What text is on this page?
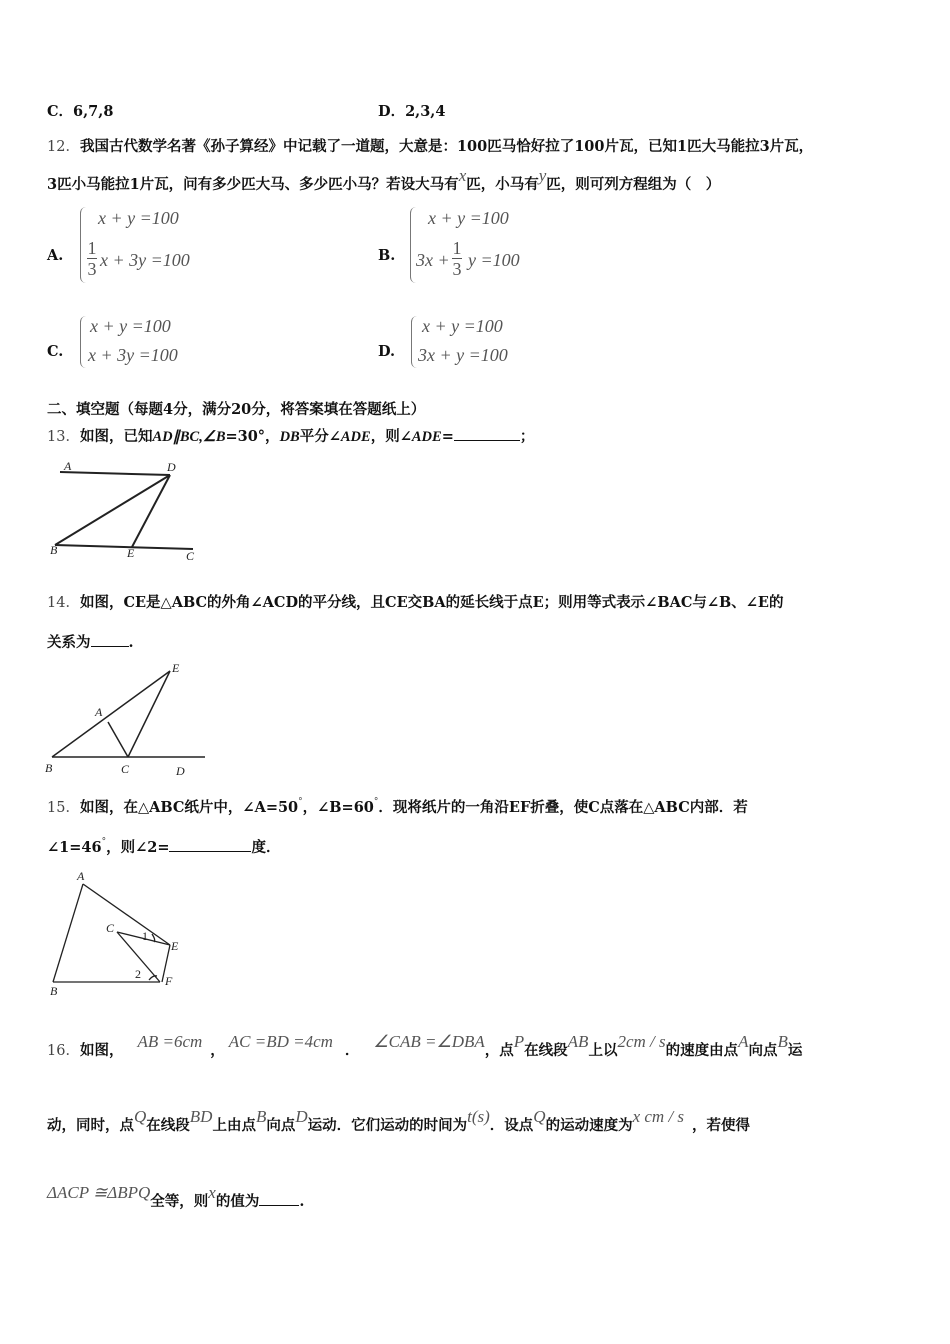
C．6,7,8	D．2,3,4
12．我国古代数学名著《孙子算经》中记载了一道题，大意是：100匹马恰好拉了100片瓦，已知1匹大马能拉3片瓦，
3匹小马能拉1片瓦，问有多少匹大马、多少匹小马？若设大马有x匹，小马有y匹，则可列方程组为（　）
A.
x + y =100
1
3 x + 3y =100	B.
x + y =100
3x +
1
3 y =100
C.
x + y =100
x + 3y =100	D.
x + y =100
3x + y =100
二、填空题（每题4分，满分20分，将答案填在答题纸上）
13．如图，已知AD∥BC,∠B=30°，DB平分∠ADE，则∠ADE=	；
A	D
B	E	C
E
A
B	C	D
A
B
C
E
F
1
2
14．如图，CE是△ABC的外角∠ACD的平分线，且CE交BA的延长线于点E；则用等式表示∠BAC与∠B、∠E的
关系为	.
15．如图，在△ABC纸片中，∠A=50°，∠B=60°．现将纸片的一角沿EF折叠，使C点落在△ABC内部．若
∠1=46°，则∠2=	度．
16．如图， AB =6cm ， AC =BD =4cm ． ∠CAB =∠DBA，点P在线段AB上以2cm / s的速度由点A向点B运
动，同时，点Q在线段BD上由点B向点D运动．它们运动的时间为t(s)．设点Q的运动速度为x cm / s ，若使得
ΔACP ≅ΔBPQ全等，则x的值为	.
